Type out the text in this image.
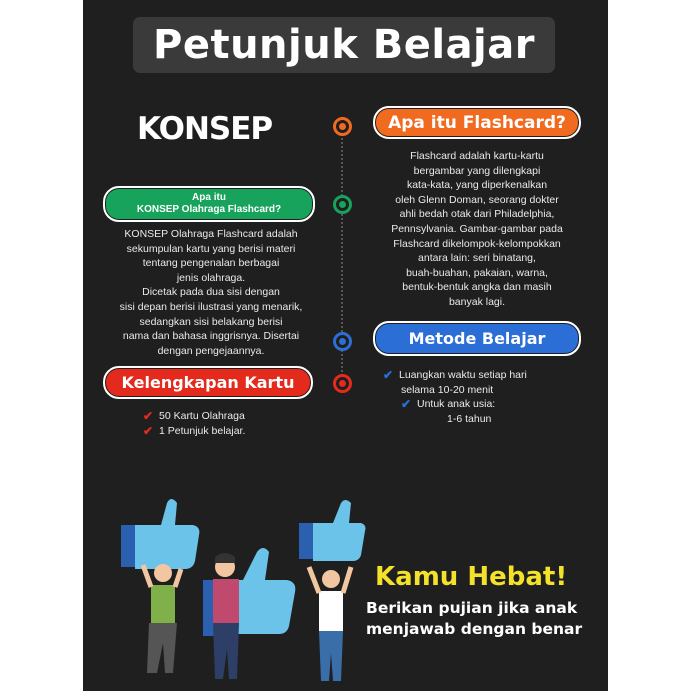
Petunjuk Belajar
KONSEP	Apa itu Flashcard?
Flashcard adalah kartu-kartu
bergambar yang dilengkapi
kata-kata, yang diperkenalkan
oleh Glenn Doman, seorang dokter
ahli bedah otak dari Philadelphia,
Pennsylvania. Gambar-gambar pada
Flashcard dikelompok-kelompokkan
antara lain: seri binatang,
buah-buahan, pakaian, warna,
bentuk-bentuk angka dan masih
banyak lagi.
Apa itu
KONSEP Olahraga Flashcard?
KONSEP Olahraga Flashcard adalah
sekumpulan kartu yang berisi materi
tentang pengenalan berbagai
jenis olahraga.
Dicetak pada dua sisi dengan
sisi depan berisi ilustrasi yang menarik,
sedangkan sisi belakang berisi
nama dan bahasa inggrisnya. Disertai
dengan pengejaannya.
Metode Belajar
✔ Luangkan waktu setiap hari
selama 10-20 menit
✔ Untuk anak usia:
1-6 tahun
Kelengkapan Kartu
✔ 50 Kartu Olahraga
✔ 1 Petunjuk belajar.
Kamu Hebat!
Berikan pujian jika anak
menjawab dengan benar
